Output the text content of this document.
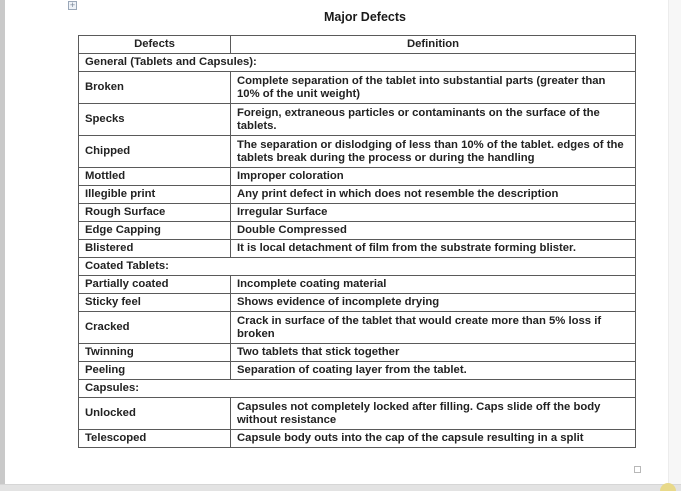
+
Major Defects
Defects	Definition
General (Tablets and Capsules):	
Broken	Complete separation of the tablet into substantial parts (greater than 10% of the unit weight)
Specks	Foreign, extraneous particles or contaminants on the surface of the tablets.
Chipped	The separation or dislodging of less than 10% of the tablet. edges of the tablets break during the process or during the handling
Mottled	Improper coloration
Illegible print	Any print defect in which does not resemble the description
Rough Surface	Irregular Surface
Edge Capping	Double Compressed
Blistered	It is local detachment of film from the substrate forming blister.
Coated Tablets:	
Partially coated	Incomplete coating material
Sticky feel	Shows evidence of incomplete drying
Cracked	Crack in surface of the tablet that would create more than 5% loss if broken
Twinning	Two tablets that stick together
Peeling	Separation of coating layer from the tablet.
Capsules:	
Unlocked	Capsules not completely locked after filling. Caps slide off the body without resistance
Telescoped	Capsule body outs into the cap of the capsule resulting in a split
